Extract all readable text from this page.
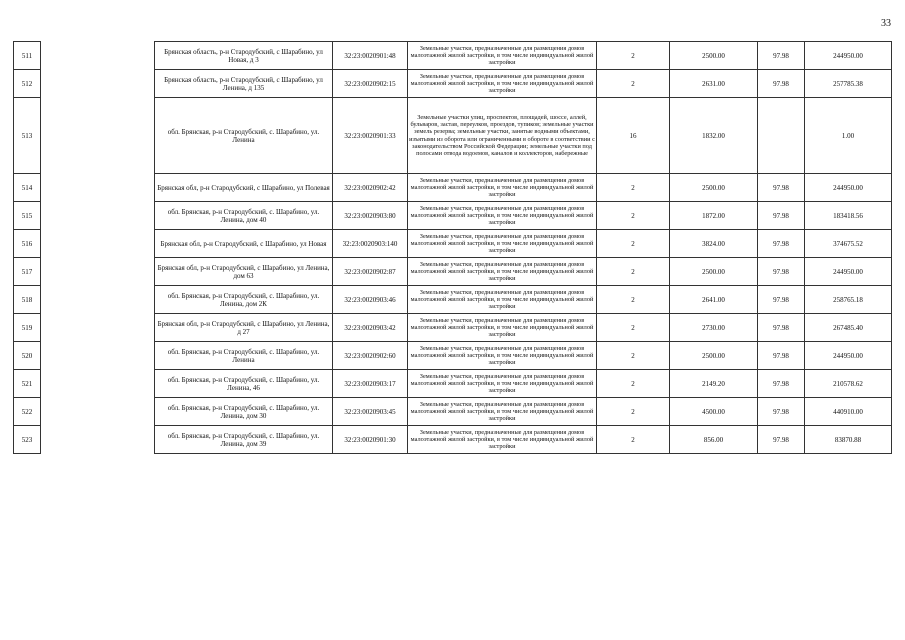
33
511		Брянская область, р-н Стародубский, с Шарабино, ул Новая, д 3	32:23:0020901:48	Земельные участки, предназначенные для размещения домов малоэтажной жилой застройки, в том числе индивидуальной жилой застройки	2	2500.00	97.98	244950.00
512		Брянская область, р-н Стародубский, с Шарабино, ул Ленина, д 135	32:23:0020902:15	Земельные участки, предназначенные для размещения домов малоэтажной жилой застройки, в том числе индивидуальной жилой застройки	2	2631.00	97.98	257785.38
513		обл. Брянская, р-н Стародубский, с. Шарабино, ул. Ленина	32:23:0020901:33	Земельные участки улиц, проспектов, площадей, шоссе, аллей, бульваров, застав, переулков, проездов, тупиков; земельные участки земель резерва; земельные участки, занятые водными объектами, изъятыми из оборота или ограниченными в обороте в соответствии с законодательством Российской Федерации; земельные участки под полосами отвода водоемов, каналов и коллекторов, набережные	16	1832.00		1.00
514		Брянская обл, р-н Стародубский, с Шарабино, ул Полевая	32:23:0020902:42	Земельные участки, предназначенные для размещения домов малоэтажной жилой застройки, в том числе индивидуальной жилой застройки	2	2500.00	97.98	244950.00
515		обл. Брянская, р-н Стародубский, с. Шарабино, ул. Ленина, дом 40	32:23:0020903:80	Земельные участки, предназначенные для размещения домов малоэтажной жилой застройки, в том числе индивидуальной жилой застройки	2	1872.00	97.98	183418.56
516		Брянская обл, р-н Стародубский, с Шарабино, ул Новая	32:23:0020903:140	Земельные участки, предназначенные для размещения домов малоэтажной жилой застройки, в том числе индивидуальной жилой застройки	2	3824.00	97.98	374675.52
517		Брянская обл, р-н Стародубский, с Шарабино, ул Ленина, дом 63	32:23:0020902:87	Земельные участки, предназначенные для размещения домов малоэтажной жилой застройки, в том числе индивидуальной жилой застройки	2	2500.00	97.98	244950.00
518		обл. Брянская, р-н Стародубский, с. Шарабино, ул. Ленина, дом 2К	32:23:0020903:46	Земельные участки, предназначенные для размещения домов малоэтажной жилой застройки, в том числе индивидуальной жилой застройки	2	2641.00	97.98	258765.18
519		Брянская обл, р-н Стародубский, с Шарабино, ул Ленина, д 27	32:23:0020903:42	Земельные участки, предназначенные для размещения домов малоэтажной жилой застройки, в том числе индивидуальной жилой застройки	2	2730.00	97.98	267485.40
520		обл. Брянская, р-н Стародубский, с. Шарабино, ул. Ленина	32:23:0020902:60	Земельные участки, предназначенные для размещения домов малоэтажной жилой застройки, в том числе индивидуальной жилой застройки	2	2500.00	97.98	244950.00
521		обл. Брянская, р-н Стародубский, с. Шарабино, ул. Ленина, 46	32:23:0020903:17	Земельные участки, предназначенные для размещения домов малоэтажной жилой застройки, в том числе индивидуальной жилой застройки	2	2149.20	97.98	210578.62
522		обл. Брянская, р-н Стародубский, с. Шарабино, ул. Ленина, дом 30	32:23:0020903:45	Земельные участки, предназначенные для размещения домов малоэтажной жилой застройки, в том числе индивидуальной жилой застройки	2	4500.00	97.98	440910.00
523		обл. Брянская, р-н Стародубский, с. Шарабино, ул. Ленина, дом 39	32:23:0020901:30	Земельные участки, предназначенные для размещения домов малоэтажной жилой застройки, в том числе индивидуальной жилой застройки	2	856.00	97.98	83870.88
